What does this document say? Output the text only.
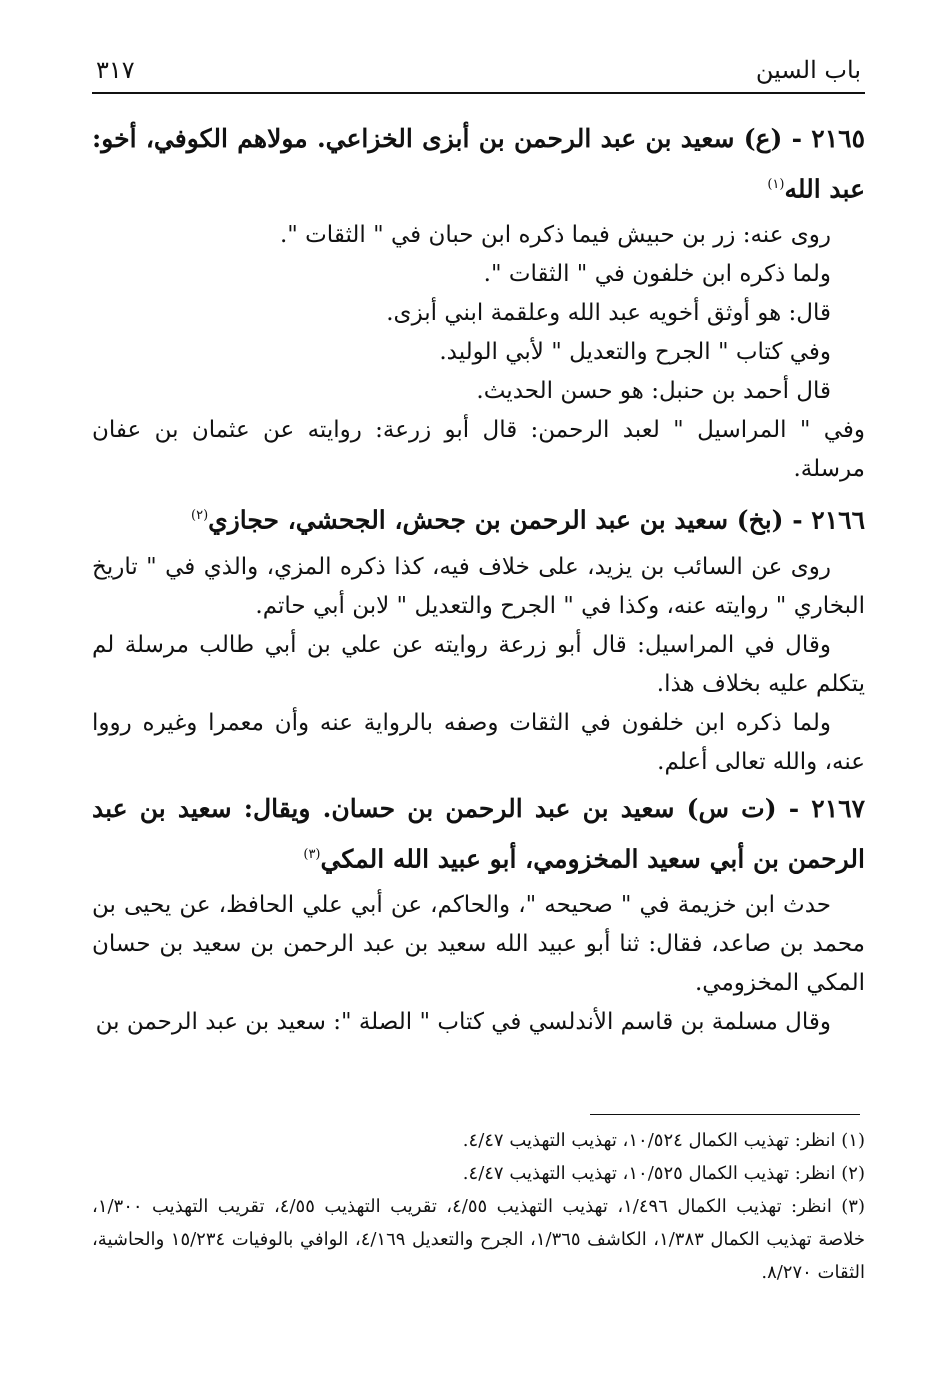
باب السين
٣١٧

٢١٦٥ - (ع) سعيد بن عبد الرحمن بن أبزى الخزاعي. مولاهم الكوفي، أخو: عبد الله$^{(١)}$

روى عنه: زر بن حبيش فيما ذكره ابن حبان في " الثقات ".

ولما ذكره ابن خلفون في " الثقات ".

قال: هو أوثق أخويه عبد الله وعلقمة ابني أبزى.

وفي كتاب " الجرح والتعديل " لأبي الوليد.

قال أحمد بن حنبل: هو حسن الحديث.

وفي " المراسيل " لعبد الرحمن: قال أبو زرعة: روايته عن عثمان بن عفان مرسلة.

٢١٦٦ - (بخ) سعيد بن عبد الرحمن بن جحش، الجحشي، حجازي$^{(٢)}$

روى عن السائب بن يزيد، على خلاف فيه، كذا ذكره المزي، والذي في " تاريخ البخاري " روايته عنه، وكذا في " الجرح والتعديل " لابن أبي حاتم.

وقال في المراسيل: قال أبو زرعة روايته عن علي بن أبي طالب مرسلة لم يتكلم عليه بخلاف هذا.

ولما ذكره ابن خلفون في الثقات وصفه بالرواية عنه وأن معمرا وغيره رووا عنه، والله تعالى أعلم.

٢١٦٧ - (ت س) سعيد بن عبد الرحمن بن حسان. ويقال: سعيد بن عبد الرحمن بن أبي سعيد المخزومي، أبو عبيد الله المكي$^{(٣)}$

حدث ابن خزيمة في " صحيحه "، والحاكم، عن أبي علي الحافظ، عن يحيى بن محمد بن صاعد، فقال: ثنا أبو عبيد الله سعيد بن عبد الرحمن بن سعيد بن حسان المكي المخزومي.

وقال مسلمة بن قاسم الأندلسي في كتاب " الصلة ": سعيد بن عبد الرحمن بن

(١) انظر: تهذيب الكمال ١٠/٥٢٤، تهذيب التهذيب ٤/٤٧.

(٢) انظر: تهذيب الكمال ١٠/٥٢٥، تهذيب التهذيب ٤/٤٧.

(٣) انظر: تهذيب الكمال ١/٤٩٦، تهذيب التهذيب ٤/٥٥، تقريب التهذيب ٤/٥٥، تقريب التهذيب ١/٣٠٠، خلاصة تهذيب الكمال ١/٣٨٣، الكاشف ١/٣٦٥، الجرح والتعديل ٤/١٦٩، الوافي بالوفيات ١٥/٢٣٤ والحاشية، الثقات ٨/٢٧٠.
